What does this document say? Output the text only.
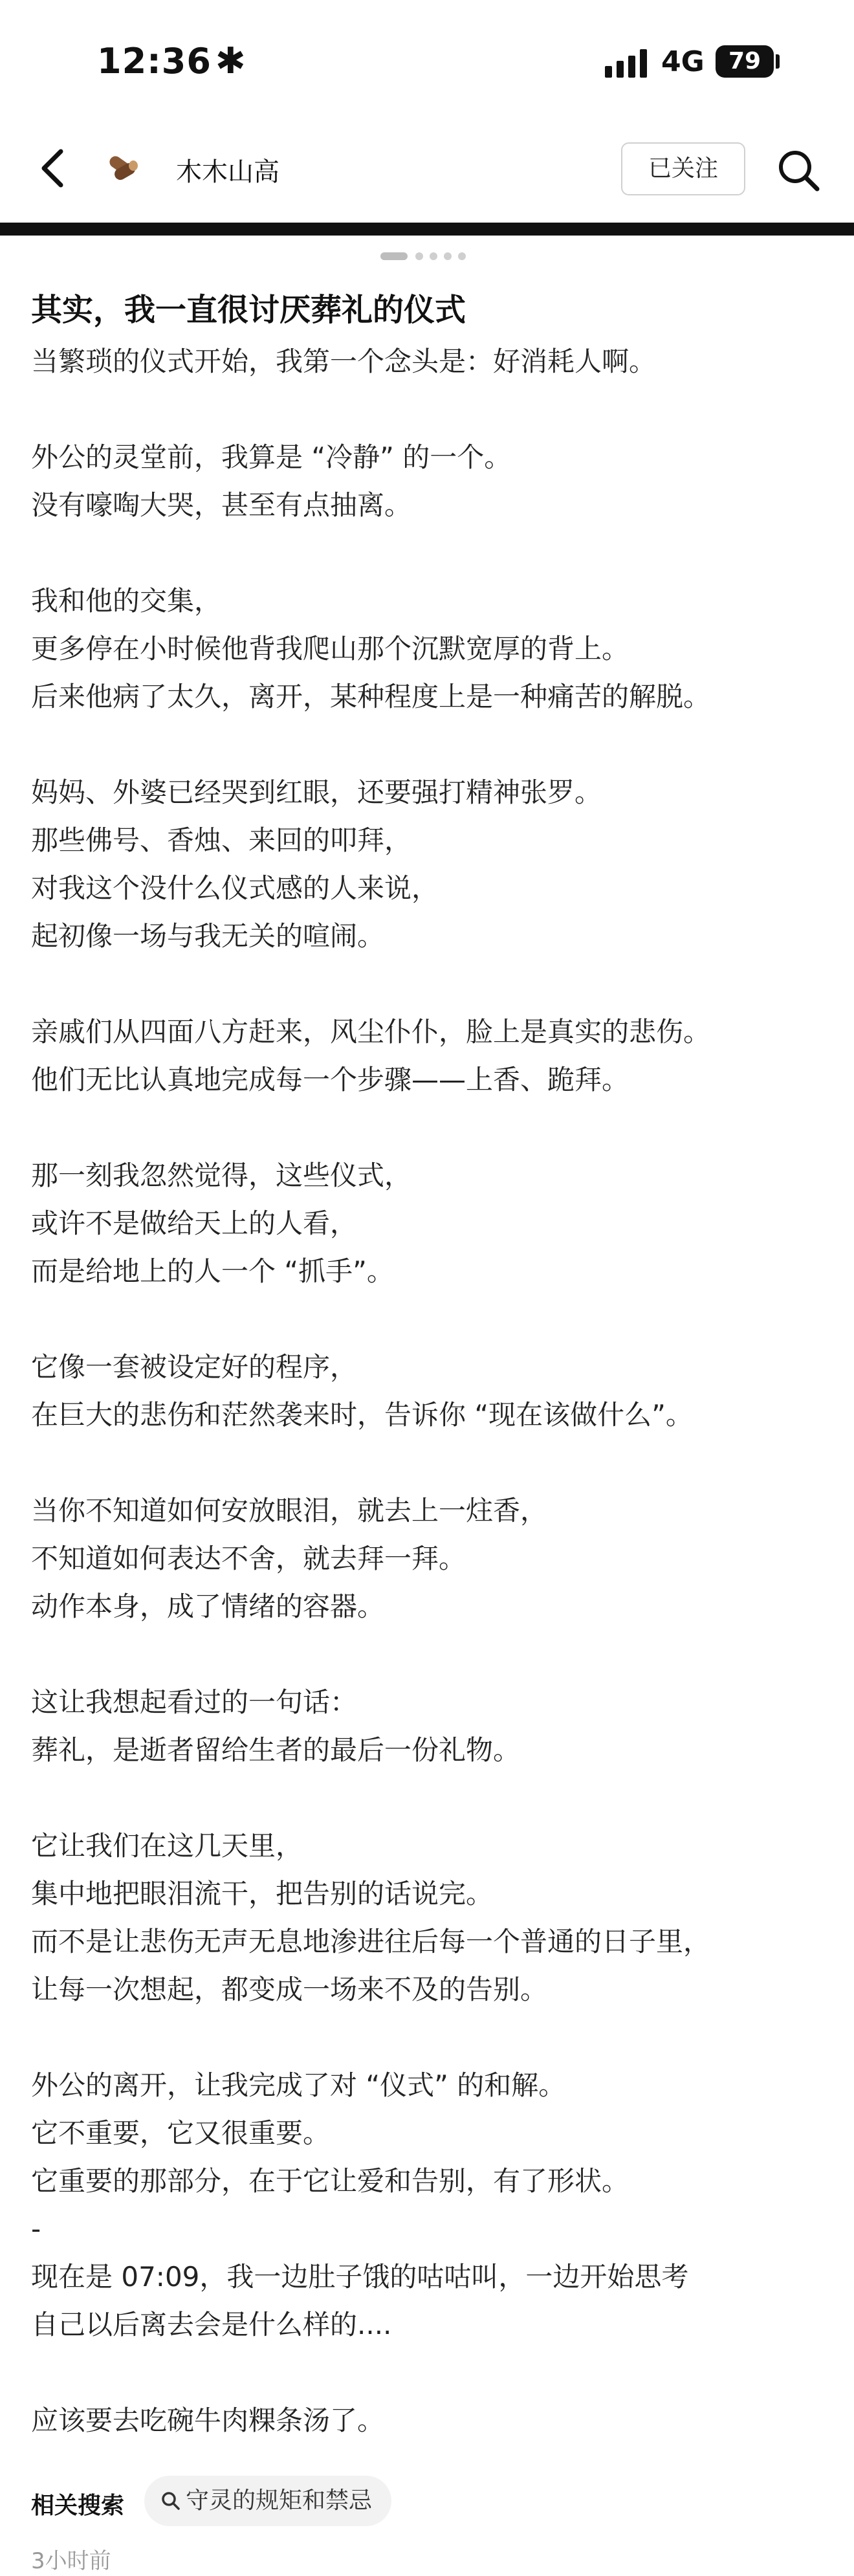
12:36 ✱	4G	79
木木山高	已关注
其实，我一直很讨厌葬礼的仪式
当繁琐的仪式开始，我第一个念头是：好消耗人啊。
外公的灵堂前，我算是 “冷静” 的一个。
没有嚎啕大哭，甚至有点抽离。
我和他的交集，
更多停在小时候他背我爬山那个沉默宽厚的背上。
后来他病了太久，离开，某种程度上是一种痛苦的解脱。
妈妈、外婆已经哭到红眼，还要强打精神张罗。
那些佛号、香烛、来回的叩拜，
对我这个没什么仪式感的人来说，
起初像一场与我无关的喧闹。
亲戚们从四面八方赶来，风尘仆仆，脸上是真实的悲伤。
他们无比认真地完成每一个步骤——上香、跪拜。
那一刻我忽然觉得，这些仪式，
或许不是做给天上的人看，
而是给地上的人一个 “抓手”。
它像一套被设定好的程序，
在巨大的悲伤和茫然袭来时，告诉你 “现在该做什么”。
当你不知道如何安放眼泪，就去上一炷香，
不知道如何表达不舍，就去拜一拜。
动作本身，成了情绪的容器。
这让我想起看过的一句话：
葬礼，是逝者留给生者的最后一份礼物。
它让我们在这几天里，
集中地把眼泪流干，把告别的话说完。
而不是让悲伤无声无息地渗进往后每一个普通的日子里，
让每一次想起，都变成一场来不及的告别。
外公的离开，让我完成了对 “仪式” 的和解。
它不重要，它又很重要。
它重要的那部分，在于它让爱和告别，有了形状。
-
现在是 07:09，我一边肚子饿的咕咕叫，一边开始思考
自己以后离去会是什么样的....
应该要去吃碗牛肉粿条汤了。
相关搜索	守灵的规矩和禁忌
3小时前
